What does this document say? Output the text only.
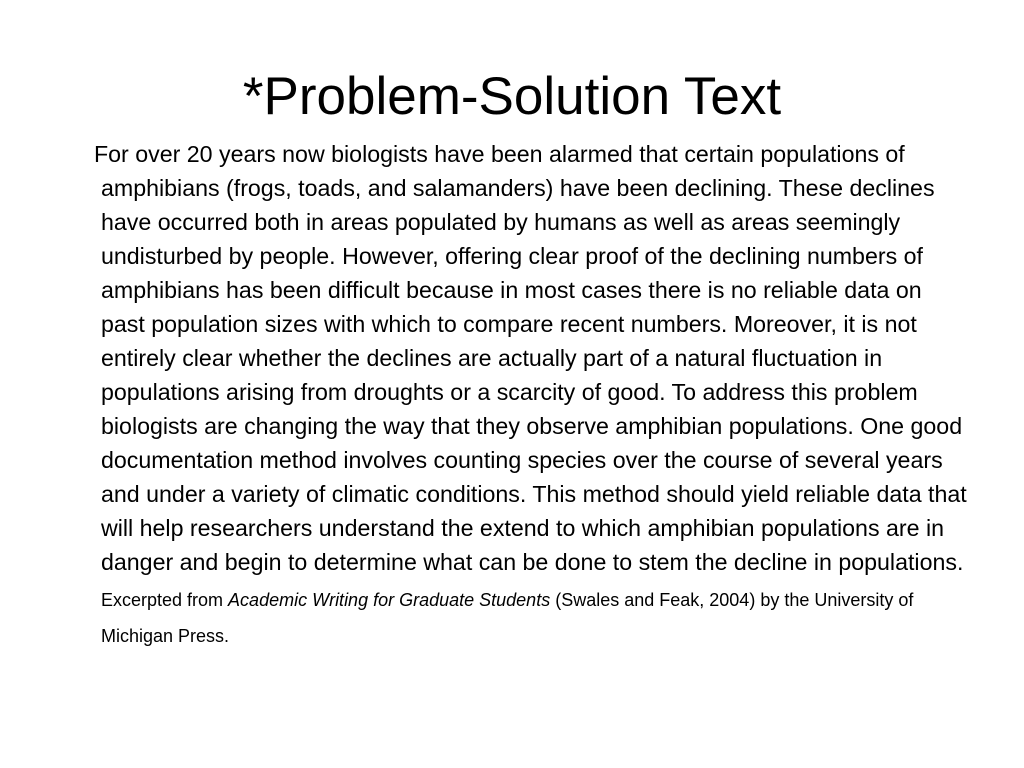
*Problem-Solution Text

For over 20 years now biologists have been alarmed that certain populations of amphibians (frogs, toads, and salamanders) have been declining. These declines have occurred both in areas populated by humans as well as areas seemingly undisturbed by people. However, offering clear proof of the declining numbers of amphibians has been difficult because in most cases there is no reliable data on past population sizes with which to compare recent numbers. Moreover, it is not entirely clear whether the declines are actually part of a natural fluctuation in populations arising from droughts or a scarcity of good. To address this problem biologists are changing the way that they observe amphibian populations. One good documentation method involves counting species over the course of several years and under a variety of climatic conditions. This method should yield reliable data that will help researchers understand the extend to which amphibian populations are in danger and begin to determine what can be done to stem the decline in populations. Excerpted from Academic Writing for Graduate Students (Swales and Feak, 2004) by the University of Michigan Press.
